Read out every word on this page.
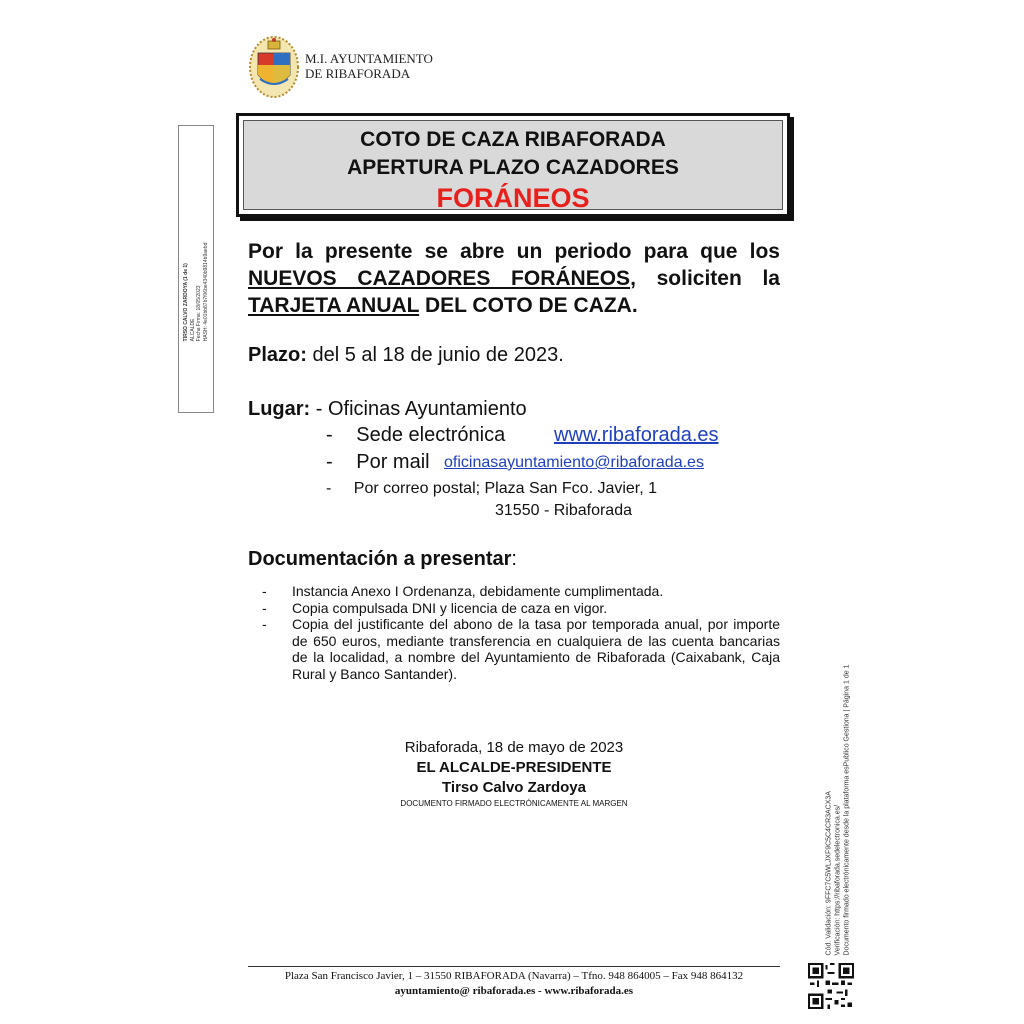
M.I. AYUNTAMIENTO
DE RIBAFORADA
TIRSO CALVO ZARDOYA (1 de 1) ALCALDE Fecha Firma: 18/05/2023 HASH: 4e01bb87b7f06be4340b9814b9aebd
COTO DE CAZA RIBAFORADA
APERTURA PLAZO CAZADORES
FORÁNEOS

Por la presente se abre un periodo para que los NUEVOS CAZADORES FORÁNEOS, soliciten la TARJETA ANUAL DEL COTO DE CAZA.

Plazo: del 5 al 18 de junio de 2023.
Lugar: - Oficinas Ayuntamiento
- Sede electrónica www.ribaforada.es
- Por mail oficinasayuntamiento@ribaforada.es
- Por correo postal; Plaza San Fco. Javier, 1
31550 - Ribaforada
Documentación a presentar:
-	Instancia Anexo I Ordenanza, debidamente cumplimentada.
-	Copia compulsada DNI y licencia de caza en vigor.
-	Copia del justificante del abono de la tasa por temporada anual, por importe de 650 euros, mediante transferencia en cualquiera de las cuenta bancarias de la localidad, a nombre del Ayuntamiento de Ribaforada (Caixabank, Caja Rural y Banco Santander).
Ribaforada, 18 de mayo de 2023
EL ALCALDE-PRESIDENTE
Tirso Calvo Zardoya
DOCUMENTO FIRMADO ELECTRÓNICAMENTE AL MARGEN	Cód. Validación: 9FFC7C5WLJXF9C5C4CR3ACX3A Verificación: https://ribaforada.sedelectronica.es/ Documento firmado electrónicamente desde la plataforma esPublico Gestiona | Página 1 de 1
Plaza San Francisco Javier, 1 – 31550 RIBAFORADA (Navarra) – Tfno. 948 864005 – Fax 948 864132
ayuntamiento@ ribaforada.es - www.ribaforada.es
